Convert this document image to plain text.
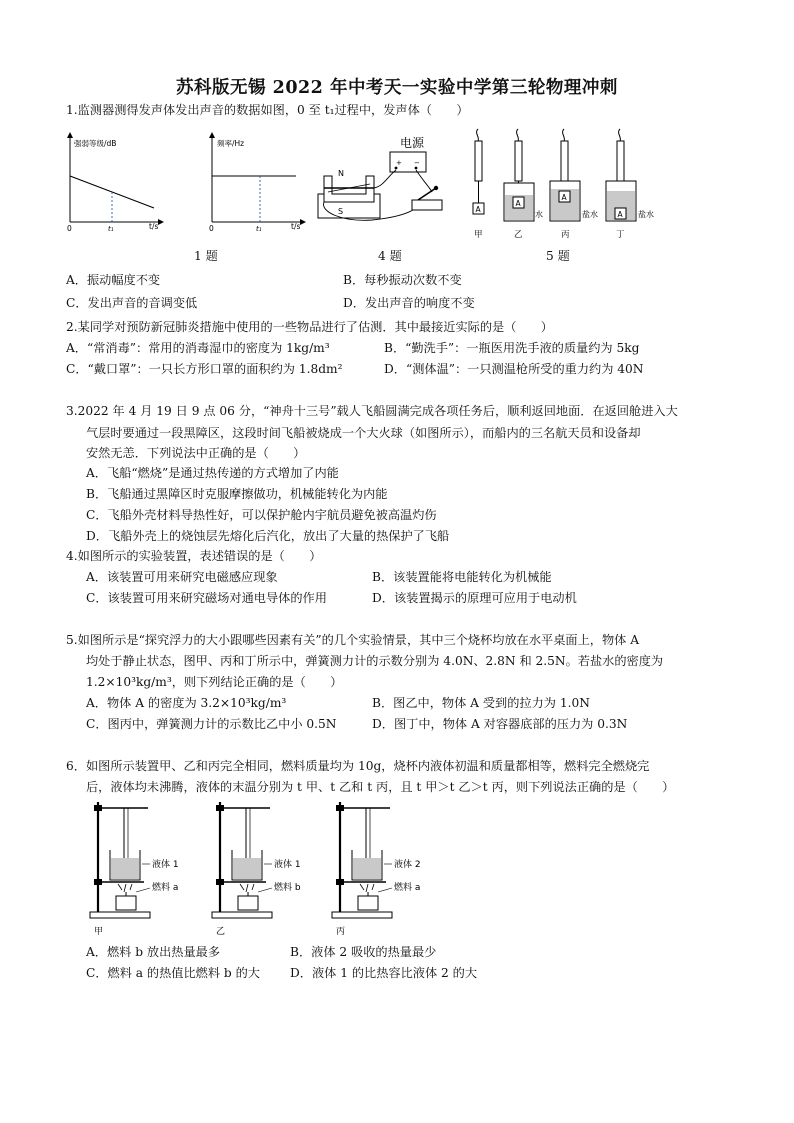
苏科版无锡 2022 年中考天一实验中学第三轮物理冲刺
1.监测器测得发声体发出声音的数据如图，0 至 t₁过程中，发声体（　　）
强弱等级/dB
t/s
0	t₁
频率/Hz
t/s
0	t₁
电源
+ −
N
S	A
A
水
A
盐水	A 盐水
甲	乙	丙	丁
1 题	4 题	5 题
A．振动幅度不变	B．每秒振动次数不变
C．发出声音的音调变低	D．发出声音的响度不变
2.某同学对预防新冠肺炎措施中使用的一些物品进行了估测．其中最接近实际的是（　　）
A．“常消毒”：常用的消毒湿巾的密度为 1kg/m³	B．“勤洗手”：一瓶医用洗手液的质量约为 5kg
C．“戴口罩”：一只长方形口罩的面积约为 1.8dm²	D．“测体温”：一只测温枪所受的重力约为 40N
3.2022 年 4 月 19 日 9 点 06 分，“神舟十三号”载人飞船圆满完成各项任务后，顺利返回地面．在返回舱进入大
气层时要通过一段黑障区，这段时间飞船被烧成一个大火球（如图所示），而船内的三名航天员和设备却
安然无恙．下列说法中正确的是（　　）
A．飞船“燃烧”是通过热传递的方式增加了内能
B．飞船通过黑障区时克服摩擦做功，机械能转化为内能
C．飞船外壳材料导热性好，可以保护舱内宇航员避免被高温灼伤
D．飞船外壳上的烧蚀层先熔化后汽化，放出了大量的热保护了飞船
4.如图所示的实验装置，表述错误的是（　　）
A．该装置可用来研究电磁感应现象	B．该装置能将电能转化为机械能
C．该装置可用来研究磁场对通电导体的作用	D．该装置揭示的原理可应用于电动机
5.如图所示是“探究浮力的大小跟哪些因素有关”的几个实验情景，其中三个烧杯均放在水平桌面上，物体 A
均处于静止状态，图甲、丙和丁所示中，弹簧测力计的示数分别为 4.0N、2.8N 和 2.5N。若盐水的密度为
1.2×10³kg/m³，则下列结论正确的是（　　）
A．物体 A 的密度为 3.2×10³kg/m³	B．图乙中，物体 A 受到的拉力为 1.0N
C．图丙中，弹簧测力计的示数比乙中小 0.5N	D．图丁中，物体 A 对容器底部的压力为 0.3N
6．如图所示装置甲、乙和丙完全相同，燃料质量均为 10g，烧杯内液体初温和质量都相等，燃料完全燃烧完
后，液体均未沸腾，液体的末温分别为 t 甲、t 乙和 t 丙，且 t 甲＞t 乙＞t 丙，则下列说法正确的是（　　）
液体 1
燃料 a
甲
液体 1
燃料 b
乙
液体 2
燃料 a
丙
A．燃料 b 放出热量最多	B．液体 2 吸收的热量最少
C．燃料 a 的热值比燃料 b 的大 D．液体 1 的比热容比液体 2 的大
